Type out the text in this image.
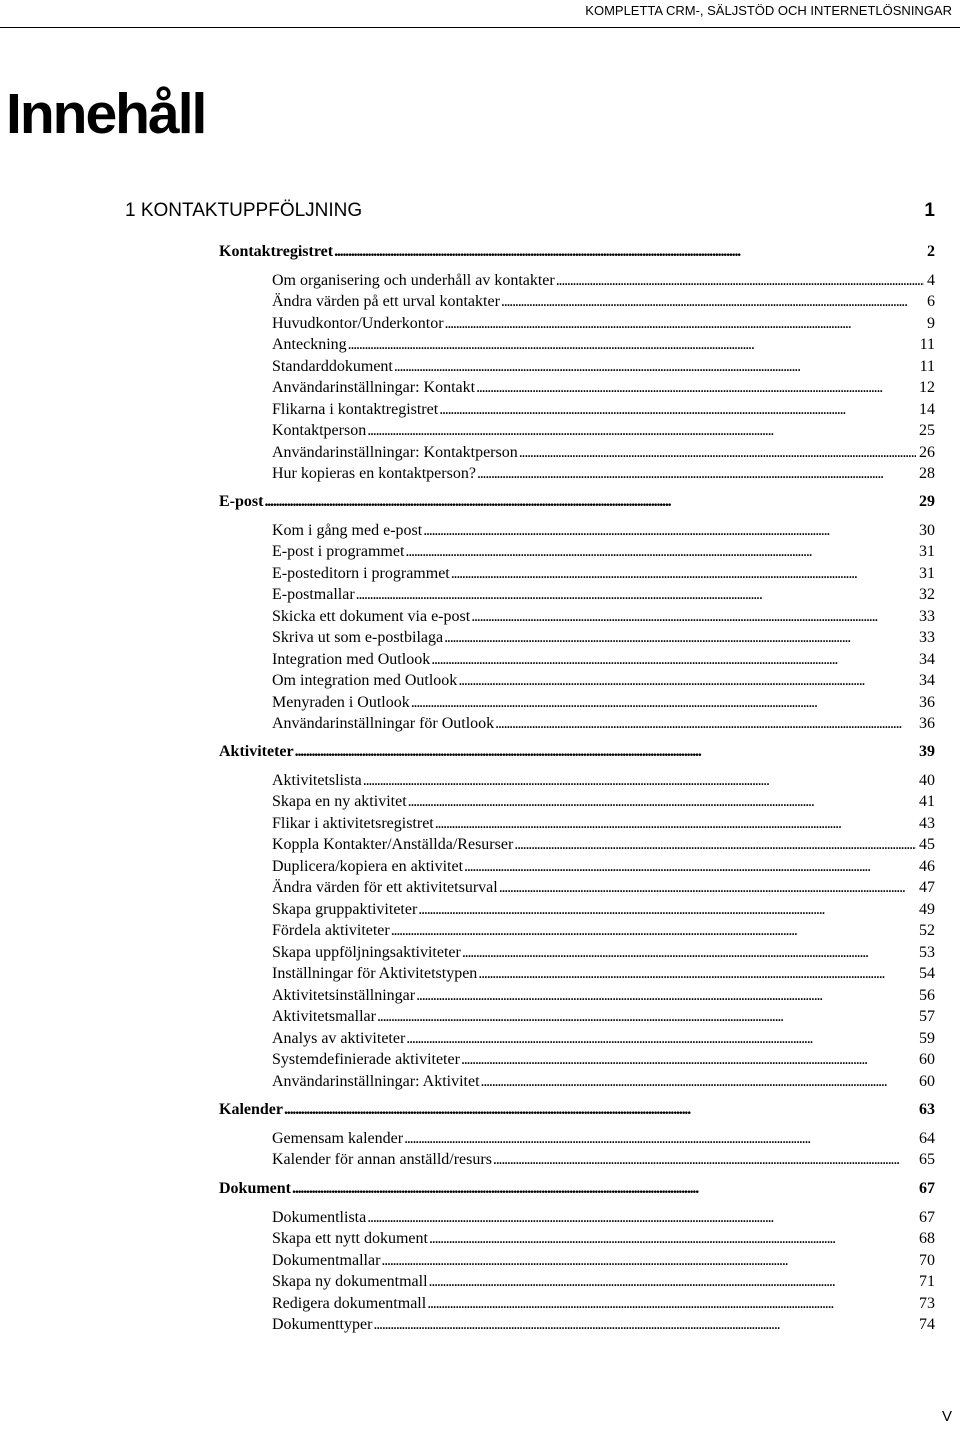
KOMPLETTA CRM-, SÄLJSTÖD OCH INTERNETLÖSNINGAR
Innehåll
1 KONTAKTUPPFÖLJNING	1
Kontaktregistret . . .	2
Om organisering och underhåll av kontakter . . .	4
Ändra värden på ett urval kontakter . . .	6
Huvudkontor/Underkontor . . .	9
Anteckning . . .	11
Standarddokument . . .	11
Användarinställningar: Kontakt . . .	12
Flikarna i kontaktregistret . . .	14
Kontaktperson . . .	25
Användarinställningar: Kontaktperson . . .	26
Hur kopieras en kontaktperson? . . .	28
E-post . . .	29
Kom i gång med e-post . . .	30
E-post i programmet . . .	31
E-posteditorn i programmet . . .	31
E-postmallar . . .	32
Skicka ett dokument via e-post . . .	33
Skriva ut som e-postbilaga . . .	33
Integration med Outlook . . .	34
Om integration med Outlook . . .	34
Menyraden i Outlook . . .	36
Användarinställningar för Outlook . . .	36
Aktiviteter . . .	39
Aktivitetslista . . .	40
Skapa en ny aktivitet . . .	41
Flikar i aktivitetsregistret . . .	43
Koppla Kontakter/Anställda/Resurser . . .	45
Duplicera/kopiera en aktivitet . . .	46
Ändra värden för ett aktivitetsurval . . .	47
Skapa gruppaktiviteter . . .	49
Fördela aktiviteter . . .	52
Skapa uppföljningsaktiviteter . . .	53
Inställningar för Aktivitetstypen . . .	54
Aktivitetsinställningar . . .	56
Aktivitetsmallar . . .	57
Analys av aktiviteter . . .	59
Systemdefinierade aktiviteter . . .	60
Användarinställningar: Aktivitet . . .	60
Kalender . . .	63
Gemensam kalender . . .	64
Kalender för annan anställd/resurs . . .	65
Dokument . . .	67
Dokumentlista . . .	67
Skapa ett nytt dokument . . .	68
Dokumentmallar . . .	70
Skapa ny dokumentmall . . .	71
Redigera dokumentmall . . .	73
Dokumenttyper . . .	74
V
